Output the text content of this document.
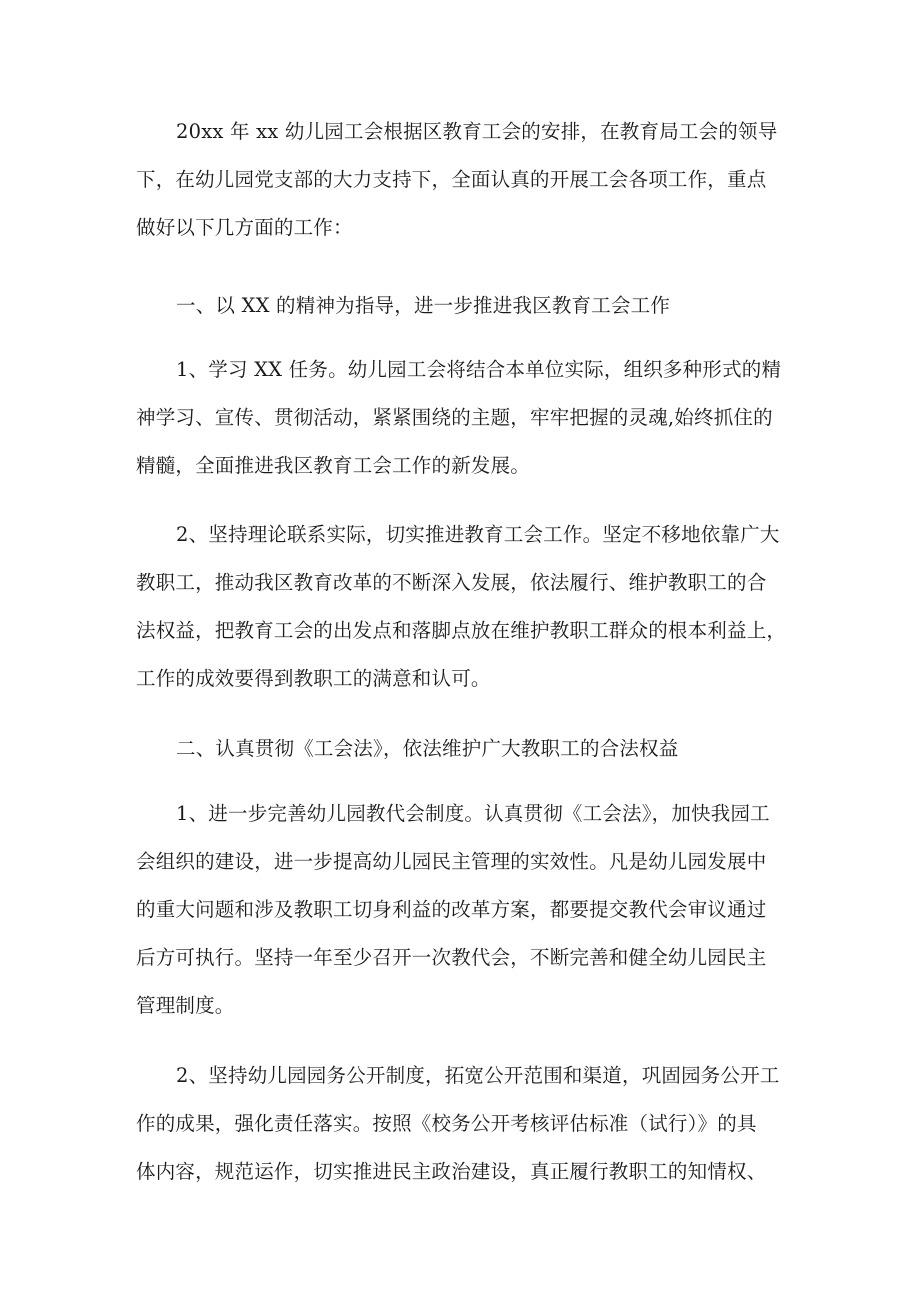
20xx 年 xx 幼儿园工会根据区教育工会的安排，在教育局工会的领导
下，在幼儿园党支部的大力支持下，全面认真的开展工会各项工作，重点
做好以下几方面的工作：
一、以 XX 的精神为指导，进一步推进我区教育工会工作
1、学习 XX 任务。幼儿园工会将结合本单位实际，组织多种形式的精
神学习、宣传、贯彻活动，紧紧围绕的主题，牢牢把握的灵魂,始终抓住的
精髓，全面推进我区教育工会工作的新发展。
2、坚持理论联系实际，切实推进教育工会工作。坚定不移地依靠广大
教职工，推动我区教育改革的不断深入发展，依法履行、维护教职工的合
法权益，把教育工会的出发点和落脚点放在维护教职工群众的根本利益上，
工作的成效要得到教职工的满意和认可。
二、认真贯彻《工会法》，依法维护广大教职工的合法权益
1、进一步完善幼儿园教代会制度。认真贯彻《工会法》，加快我园工
会组织的建设，进一步提高幼儿园民主管理的实效性。凡是幼儿园发展中
的重大问题和涉及教职工切身利益的改革方案，都要提交教代会审议通过
后方可执行。坚持一年至少召开一次教代会，不断完善和健全幼儿园民主
管理制度。
2、坚持幼儿园园务公开制度，拓宽公开范围和渠道，巩固园务公开工
作的成果，强化责任落实。按照《校务公开考核评估标准（试行）》的具
体内容，规范运作，切实推进民主政治建设，真正履行教职工的知情权、
